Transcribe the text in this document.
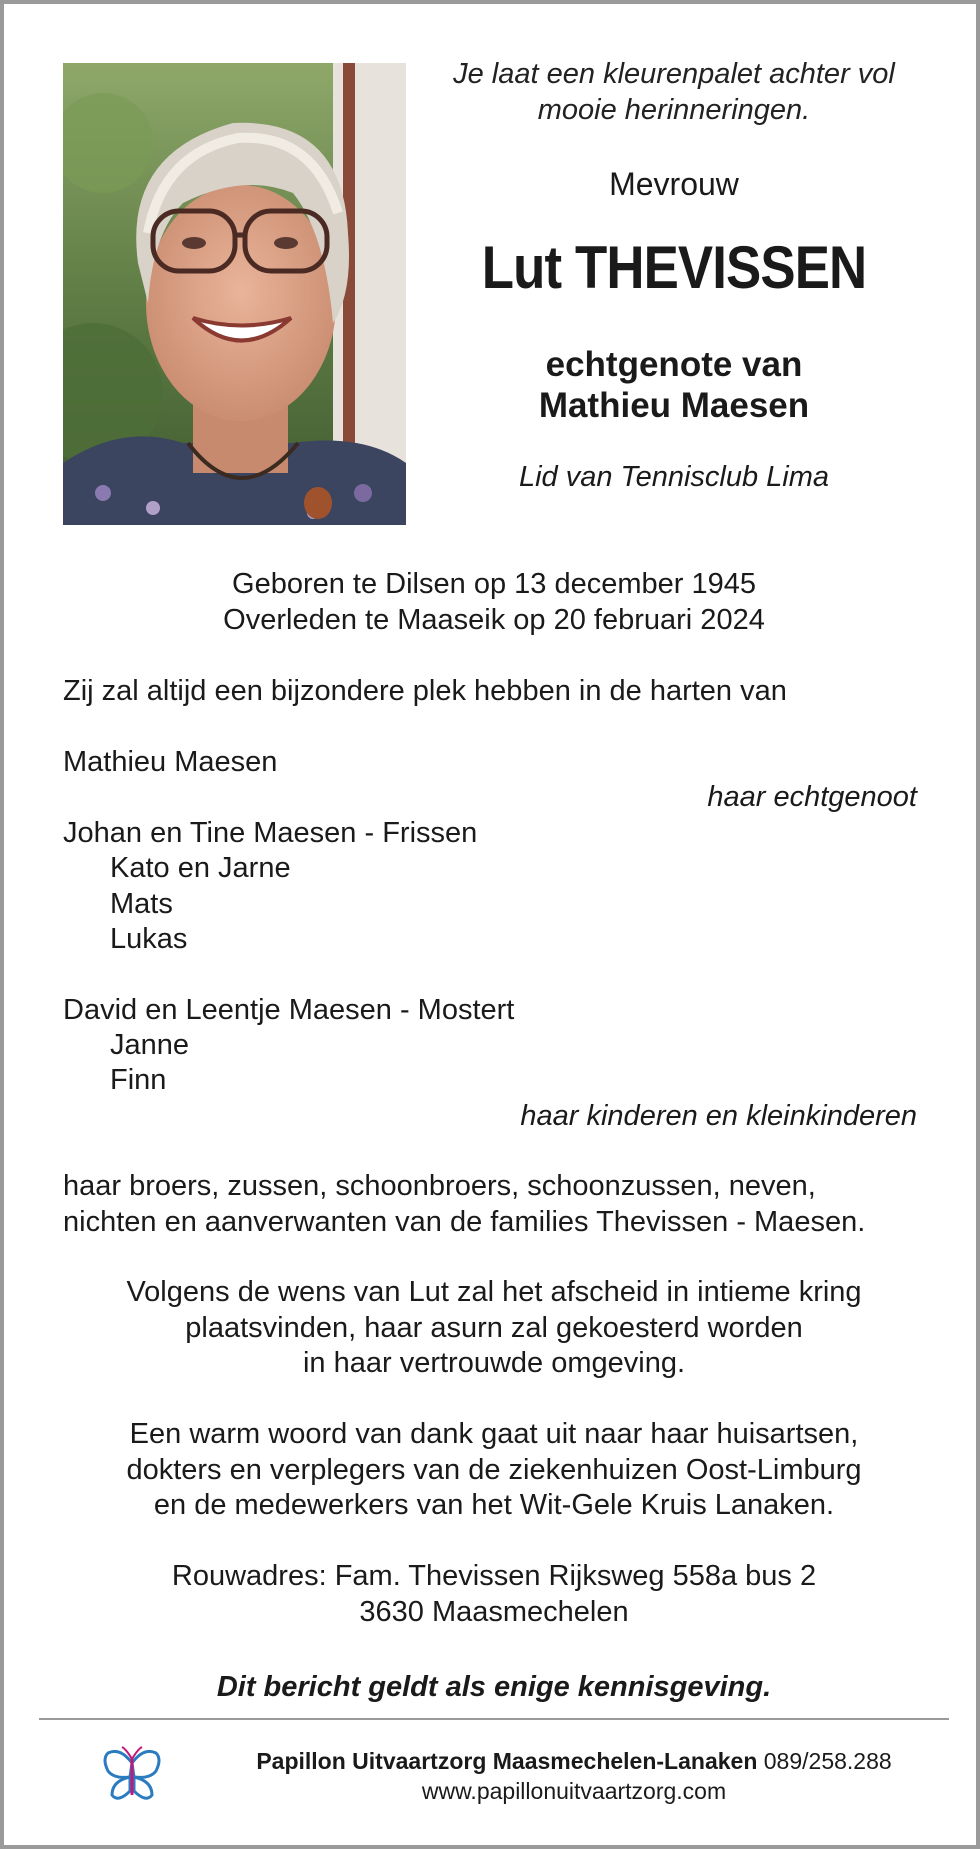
Je laat een kleurenpalet achter vol
mooie herinneringen.
Mevrouw
Lut THEVISSEN
echtgenote van
Mathieu Maesen
Lid van Tennisclub Lima
Geboren te Dilsen op 13 december 1945
Overleden te Maaseik op 20 februari 2024
Zij zal altijd een bijzondere plek hebben in de harten van
Mathieu Maesen
haar echtgenoot
Johan en Tine Maesen - Frissen
Kato en Jarne
Mats
Lukas
David en Leentje Maesen - Mostert
Janne
Finn
haar kinderen en kleinkinderen
haar broers, zussen, schoonbroers, schoonzussen, neven,
nichten en aanverwanten van de families Thevissen - Maesen.
Volgens de wens van Lut zal het afscheid in intieme kring
plaatsvinden, haar asurn zal gekoesterd worden
in haar vertrouwde omgeving.
Een warm woord van dank gaat uit naar haar huisartsen,
dokters en verplegers van de ziekenhuizen Oost-Limburg
en de medewerkers van het Wit-Gele Kruis Lanaken.
Rouwadres: Fam. Thevissen Rijksweg 558a bus 2
3630 Maasmechelen
Dit bericht geldt als enige kennisgeving.
Papillon Uitvaartzorg Maasmechelen-Lanaken 089/258.288
www.papillonuitvaartzorg.com
